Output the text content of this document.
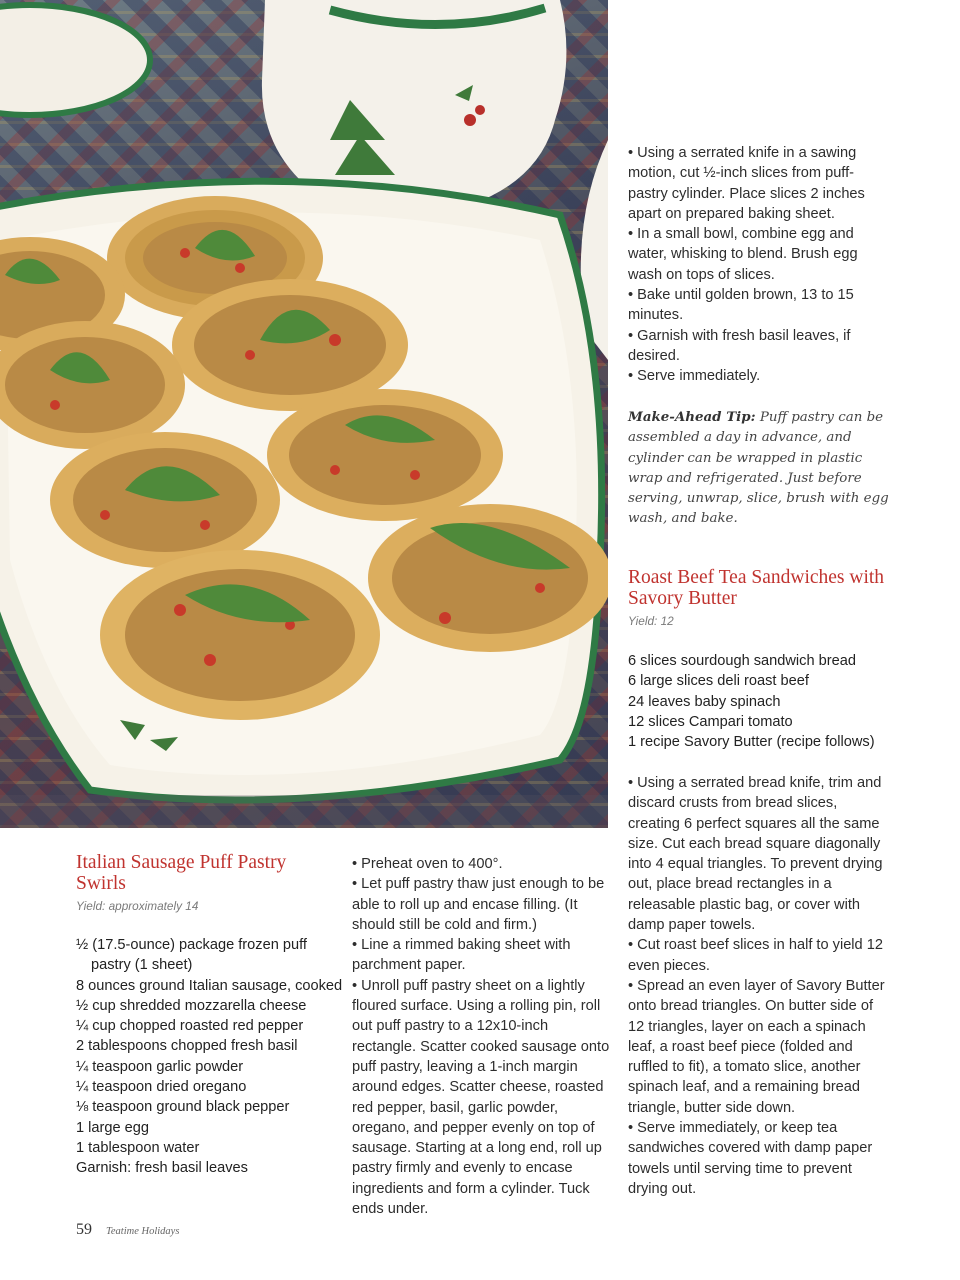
• Using a serrated knife in a sawing motion, cut ½-inch slices from puff-pastry cylinder. Place slices 2 inches apart on prepared baking sheet.

• In a small bowl, combine egg and water, whisking to blend. Brush egg wash on tops of slices.

• Bake until golden brown, 13 to 15 minutes.

• Garnish with fresh basil leaves, if desired.

• Serve immediately.

Make-Ahead Tip: Puff pastry can be assembled a day in advance, and cylinder can be wrapped in plastic wrap and refrigerated. Just before serving, unwrap, slice, brush with egg wash, and bake.
Roast Beef Tea Sandwiches with Savory Butter
Yield: 12

6 slices sourdough sandwich bread

6 large slices deli roast beef

24 leaves baby spinach

12 slices Campari tomato

1 recipe Savory Butter (recipe follows)

• Using a serrated bread knife, trim and discard crusts from bread slices, creating 6 perfect squares all the same size. Cut each bread square diagonally into 4 equal triangles. To prevent drying out, place bread rectangles in a releasable plastic bag, or cover with damp paper towels.

• Cut roast beef slices in half to yield 12 even pieces.

• Spread an even layer of Savory Butter onto bread triangles. On butter side of 12 triangles, layer on each a spinach leaf, a roast beef piece (folded and ruffled to fit), a tomato slice, another spinach leaf, and a remaining bread triangle, butter side down.

• Serve immediately, or keep tea sandwiches covered with damp paper towels until serving time to prevent drying out.

Italian Sausage Puff Pastry Swirls
Yield: approximately 14

½ (17.5-ounce) package frozen puff pastry (1 sheet)

8 ounces ground Italian sausage, cooked

½ cup shredded mozzarella cheese

¼ cup chopped roasted red pepper

2 tablespoons chopped fresh basil

¼ teaspoon garlic powder

¼ teaspoon dried oregano

⅛ teaspoon ground black pepper

1 large egg

1 tablespoon water

Garnish: fresh basil leaves

• Preheat oven to 400°.

• Let puff pastry thaw just enough to be able to roll up and encase filling. (It should still be cold and firm.)

• Line a rimmed baking sheet with parchment paper.

• Unroll puff pastry sheet on a lightly floured surface. Using a rolling pin, roll out puff pastry to a 12x10-inch rectangle. Scatter cooked sausage onto puff pastry, leaving a 1-inch margin around edges. Scatter cheese, roasted red pepper, basil, garlic powder, oregano, and pepper evenly on top of sausage. Starting at a long end, roll up pastry firmly and evenly to encase ingredients and form a cylinder. Tuck ends under.

59 Teatime Holidays
